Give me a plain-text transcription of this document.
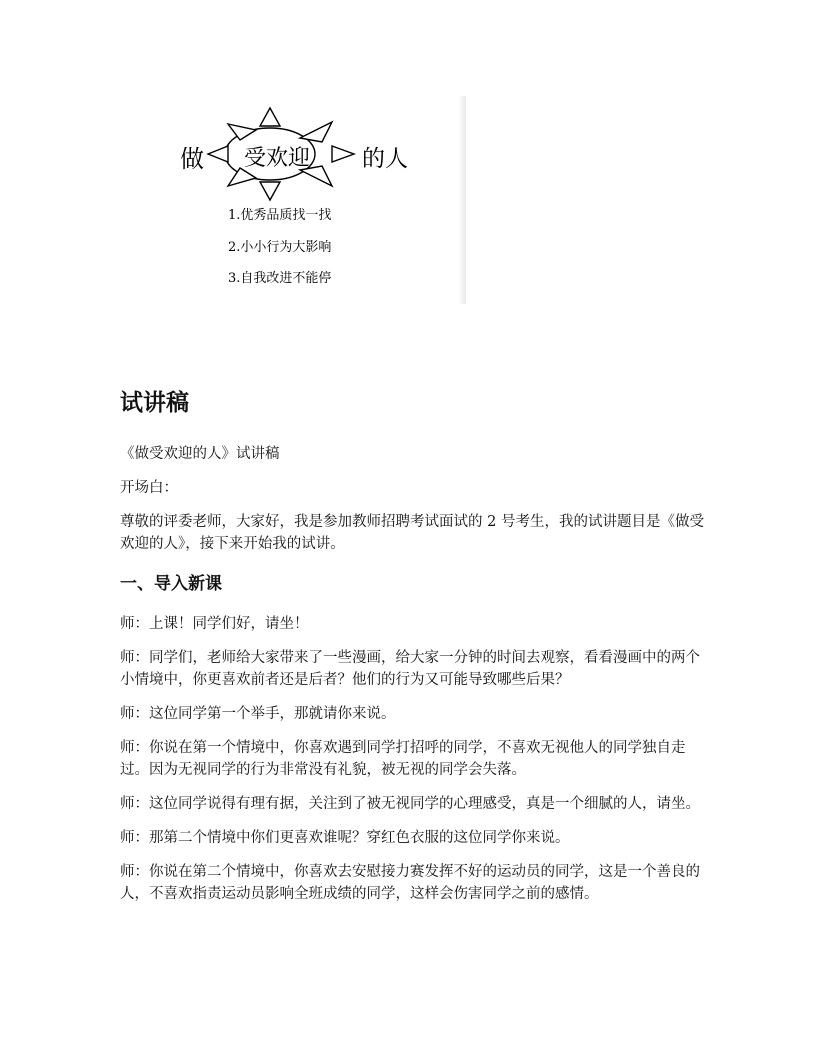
做 受欢迎 的人
1.优秀品质找一找
2.小小行为大影响
3.自我改进不能停
试讲稿

《做受欢迎的人》试讲稿

开场白：

尊敬的评委老师，大家好，我是参加教师招聘考试面试的 2 号考生，我的试讲题目是《做受欢迎的人》，接下来开始我的试讲。

一、导入新课

师：上课！同学们好，请坐！

师：同学们，老师给大家带来了一些漫画，给大家一分钟的时间去观察，看看漫画中的两个小情境中，你更喜欢前者还是后者？他们的行为又可能导致哪些后果？

师：这位同学第一个举手，那就请你来说。

师：你说在第一个情境中，你喜欢遇到同学打招呼的同学，不喜欢无视他人的同学独自走过。因为无视同学的行为非常没有礼貌，被无视的同学会失落。

师：这位同学说得有理有据，关注到了被无视同学的心理感受，真是一个细腻的人，请坐。

师：那第二个情境中你们更喜欢谁呢？穿红色衣服的这位同学你来说。

师：你说在第二个情境中，你喜欢去安慰接力赛发挥不好的运动员的同学，这是一个善良的人，不喜欢指责运动员影响全班成绩的同学，这样会伤害同学之前的感情。
